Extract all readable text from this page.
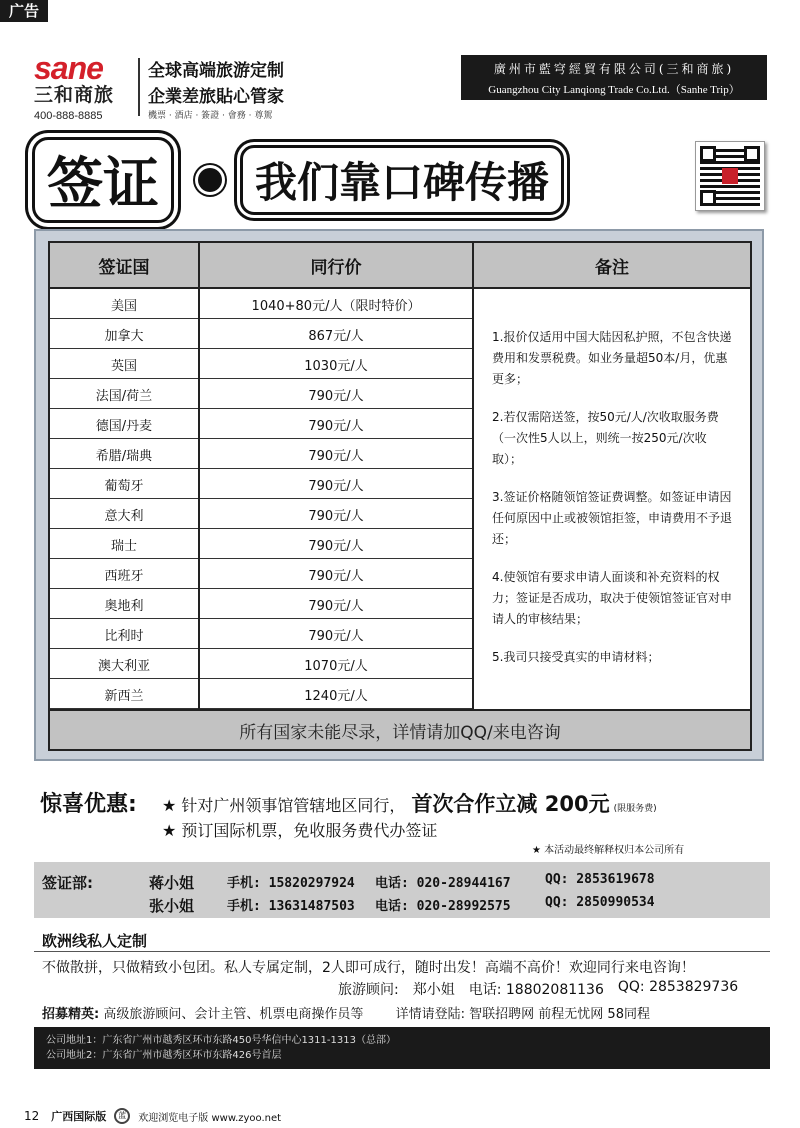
广告
sane
三和商旅
400-888-8885
全球高端旅游定制
企業差旅貼心管家
機票 · 酒店 · 簽證 · 會務 · 尊駕
廣州市藍穹經貿有限公司(三和商旅)
Guangzhou City Lanqiong Trade Co.Ltd.（Sanhe Trip）
签证	我们靠口碑传播
签证国	同行价	备注
美国	1040+80元/人（限时特价）
加拿大	867元/人
英国	1030元/人
法国/荷兰	790元/人
德国/丹麦	790元/人
希腊/瑞典	790元/人
葡萄牙	790元/人
意大利	790元/人
瑞士	790元/人
西班牙	790元/人
奥地利	790元/人
比利时	790元/人
澳大利亚	1070元/人
新西兰	1240元/人
1.报价仅适用中国大陆因私护照，不包含快递费用和发票税费。如业务量超50本/月，优惠更多；
2.若仅需陪送签，按50元/人/次收取服务费（一次性5人以上，则统一按250元/次收取）；
3.签证价格随领馆签证费调整。如签证申请因任何原因中止或被领馆拒签，申请费用不予退还；
4.使领馆有要求申请人面谈和补充资料的权力；签证是否成功，取决于使领馆签证官对申请人的审核结果；
5.我司只接受真实的申请材料；
所有国家未能尽录，详情请加QQ/来电咨询
惊喜优惠: ★ 针对广州领事馆管辖地区同行， 首次合作立减 200元 (限服务费)
★ 预订国际机票，免收服务费代办签证
★ 本活动最终解释权归本公司所有
签证部:	蒋小姐	手机: 15820297924	电话: 020-28944167	QQ: 2853619678
张小姐	手机: 13631487503	电话: 020-28992575	QQ: 2850990534
欧洲线私人定制
不做散拼，只做精致小包团。私人专属定制，2人即可成行，随时出发！高端不高价！欢迎同行来电咨询！
旅游顾问: 郑小姐 电话: 18802081136 QQ: 2853829736
招募精英: 高级旅游顾问、会计主管、机票电商操作员等 详情请登陆: 智联招聘网 前程无忧网 58同程
公司地址1：广东省广州市越秀区环市东路450号华信中心1311-1313（总部）
公司地址2：广东省广州市越秀区环市东路426号首层
12 广西国际版	蓝	欢迎浏览电子版 www.zyoo.net
